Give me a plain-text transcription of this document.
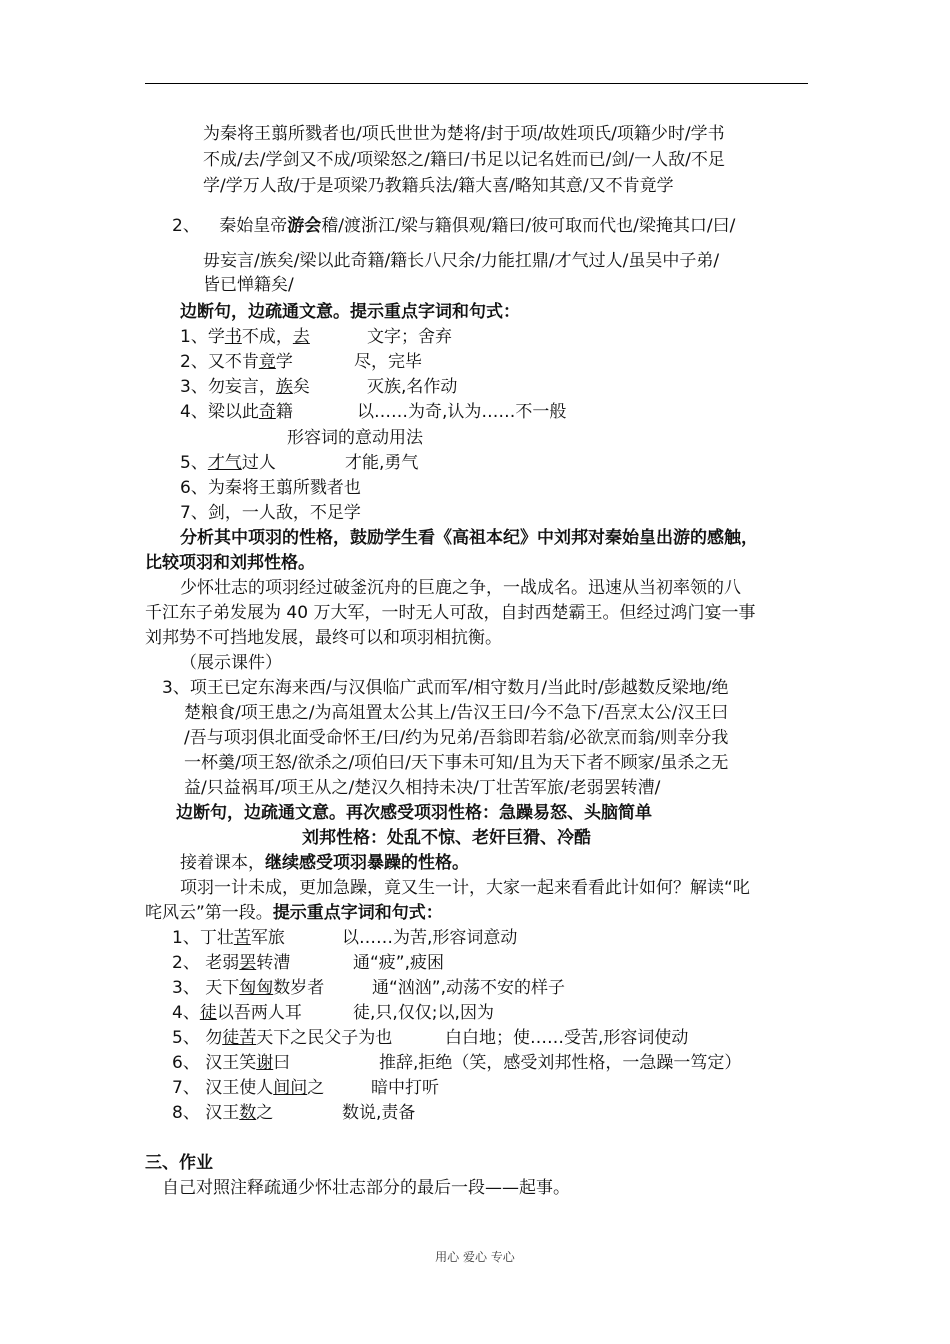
为秦将王翦所戮者也/项氏世世为楚将/封于项/故姓项氏/项籍少时/学书
不成/去/学剑又不成/项梁怒之/籍曰/书足以记名姓而已/剑/一人敌/不足
学/学万人敌/于是项梁乃教籍兵法/籍大喜/略知其意/又不肯竟学
2、 秦始皇帝游会稽/渡浙江/梁与籍俱观/籍曰/彼可取而代也/梁掩其口/曰/
毋妄言/族矣/梁以此奇籍/籍长八尺余/力能扛鼎/才气过人/虽吴中子弟/
皆已惮籍矣/
边断句，边疏通文意。提示重点字词和句式：
1、学书不成，去	文字；舍弃
2、又不肯竟学	尽，完毕
3、勿妄言，族矣	灭族,名作动
4、梁以此奇籍	以……为奇,认为……不一般
形容词的意动用法
5、才气过人	才能,勇气
6、为秦将王翦所戮者也
7、剑，一人敌，不足学
分析其中项羽的性格，鼓励学生看《高祖本纪》中刘邦对秦始皇出游的感触，
比较项羽和刘邦性格。
少怀壮志的项羽经过破釜沉舟的巨鹿之争，一战成名。迅速从当初率领的八
千江东子弟发展为 40 万大军，一时无人可敌，自封西楚霸王。但经过鸿门宴一事
刘邦势不可挡地发展，最终可以和项羽相抗衡。
（展示课件）
3、项王已定东海来西/与汉俱临广武而军/相守数月/当此时/彭越数反梁地/绝
楚粮食/项王患之/为高俎置太公其上/告汉王曰/今不急下/吾烹太公/汉王曰
/吾与项羽俱北面受命怀王/曰/约为兄弟/吾翁即若翁/必欲烹而翁/则幸分我
一杯羹/项王怒/欲杀之/项伯曰/天下事未可知/且为天下者不顾家/虽杀之无
益/只益祸耳/项王从之/楚汉久相持未决/丁壮苦军旅/老弱罢转漕/
边断句，边疏通文意。再次感受项羽性格：急躁易怒、头脑简单
刘邦性格：处乱不惊、老奸巨猾、冷酷
接着课本，继续感受项羽暴躁的性格。
项羽一计未成，更加急躁，竟又生一计，大家一起来看看此计如何？解读“叱
咤风云”第一段。提示重点字词和句式：
1、丁壮苦军旅	以……为苦,形容词意动
2、 老弱罢转漕	通“疲”,疲困
3、 天下匈匈数岁者	通“汹汹”,动荡不安的样子
4、徒以吾两人耳	徒,只,仅仅;以,因为
5、 勿徒苦天下之民父子为也	白白地；使……受苦,形容词使动
6、 汉王笑谢曰	推辞,拒绝（笑，感受刘邦性格，一急躁一笃定）
7、 汉王使人间问之	暗中打听
8、 汉王数之	数说,责备
三、作业
自己对照注释疏通少怀壮志部分的最后一段——起事。
用心 爱心 专心
